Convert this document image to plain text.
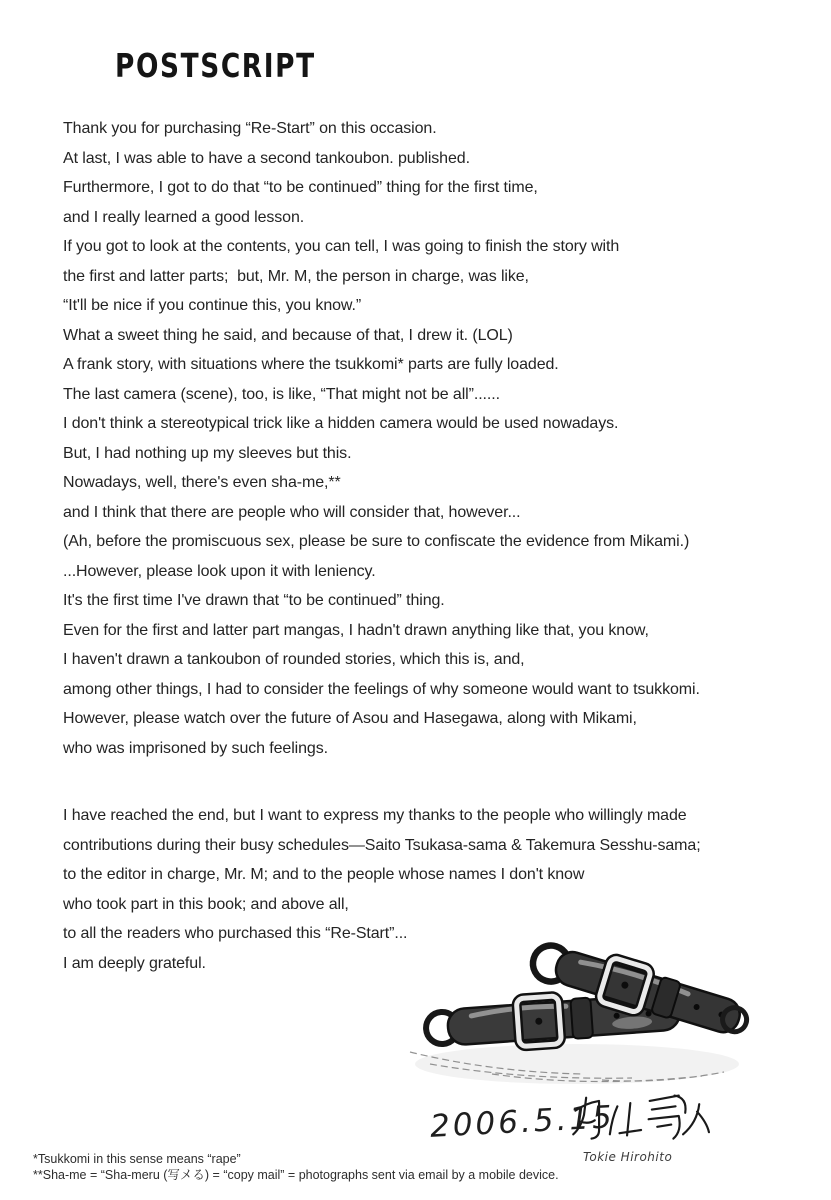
POSTSCRIPT
Thank you for purchasing “Re-Start” on this occasion.
At last, I was able to have a second tankoubon. published.
Furthermore, I got to do that “to be continued” thing for the first time,
and I really learned a good lesson.
If you got to look at the contents, you can tell, I was going to finish the story with
the first and latter parts;  but, Mr. M, the person in charge, was like,
“It'll be nice if you continue this, you know.”
What a sweet thing he said, and because of that, I drew it. (LOL)
A frank story, with situations where the tsukkomi* parts are fully loaded.
The last camera (scene), too, is like, “That might not be all”......
I don't think a stereotypical trick like a hidden camera would be used nowadays.
But, I had nothing up my sleeves but this.
Nowadays, well, there's even sha-me,**
and I think that there are people who will consider that, however...
(Ah, before the promiscuous sex, please be sure to confiscate the evidence from Mikami.)
...However, please look upon it with leniency.
It's the first time I've drawn that “to be continued” thing.
Even for the first and latter part mangas, I hadn't drawn anything like that, you know,
I haven't drawn a tankoubon of rounded stories, which this is, and,
among other things, I had to consider the feelings of why someone would want to tsukkomi.
However, please watch over the future of Asou and Hasegawa, along with Mikami,
who was imprisoned by such feelings.
I have reached the end, but I want to express my thanks to the people who willingly made
contributions during their busy schedules—Saito Tsukasa-sama & Takemura Sesshu-sama;
to the editor in charge, Mr. M; and to the people whose names I don't know
who took part in this book; and above all,
to all the readers who purchased this “Re-Start”...
I am deeply grateful.
2006.5.15
Tokie Hirohito
*Tsukkomi in this sense means “rape”
**Sha-me = “Sha-meru (写メる) = “copy mail” = photographs sent via email by a mobile device.
